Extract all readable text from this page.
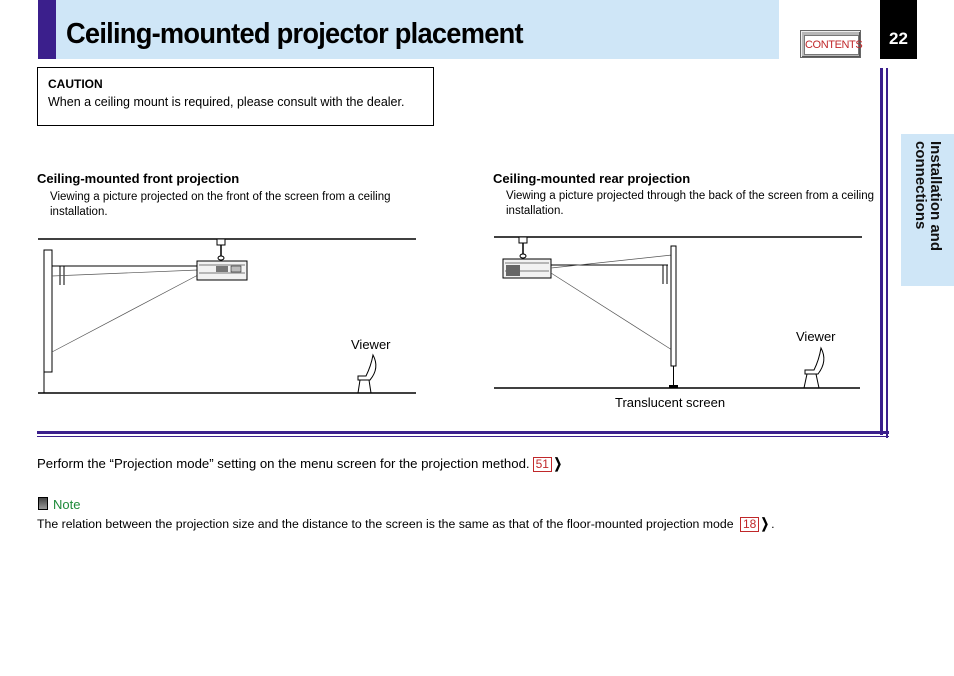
Ceiling-mounted projector placement	CONTENTS	22
Installation and
connections
CAUTION
When a ceiling mount is required, please consult with the dealer.
Ceiling-mounted front projection
Viewing a picture projected on the front of the screen from a ceiling installation.
Viewer
Ceiling-mounted rear projection
Viewing a picture projected through the back of the screen from a ceiling installation.
Viewer
Translucent screen
Perform the “Projection mode” setting on the menu screen for the projection method. 51 ❯
Note
The relation between the projection size and the distance to the screen is the same as that of the floor-mounted projection mode 18 ❯ .
